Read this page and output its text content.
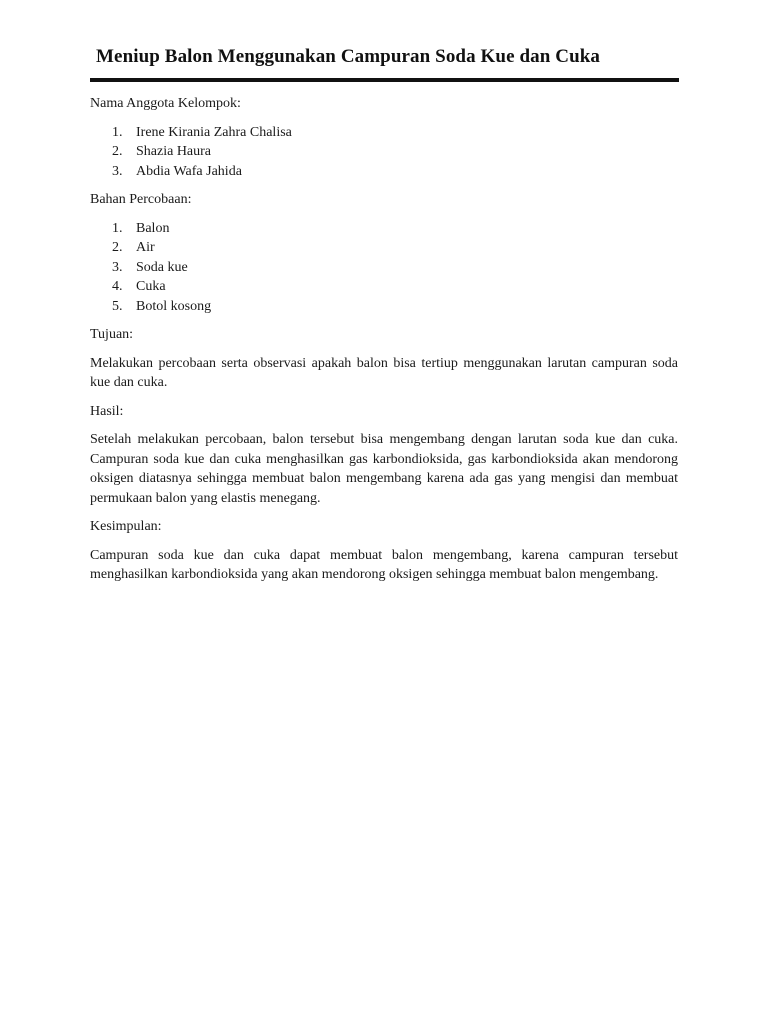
Meniup Balon Menggunakan Campuran Soda Kue dan Cuka

Nama Anggota Kelompok:

1. Irene Kirania Zahra Chalisa
2. Shazia Haura
3. Abdia Wafa Jahida

Bahan Percobaan:

1. Balon
2. Air
3. Soda kue
4. Cuka
5. Botol kosong

Tujuan:

Melakukan percobaan serta observasi apakah balon bisa tertiup menggunakan larutan campuran soda kue dan cuka.

Hasil:

Setelah melakukan percobaan, balon tersebut bisa mengembang dengan larutan soda kue dan cuka. Campuran soda kue dan cuka menghasilkan gas karbondioksida, gas karbondioksida akan mendorong oksigen diatasnya sehingga membuat balon mengembang karena ada gas yang mengisi dan membuat permukaan balon yang elastis menegang.

Kesimpulan:

Campuran soda kue dan cuka dapat membuat balon mengembang, karena campuran tersebut menghasilkan karbondioksida yang akan mendorong oksigen sehingga membuat balon mengembang.
